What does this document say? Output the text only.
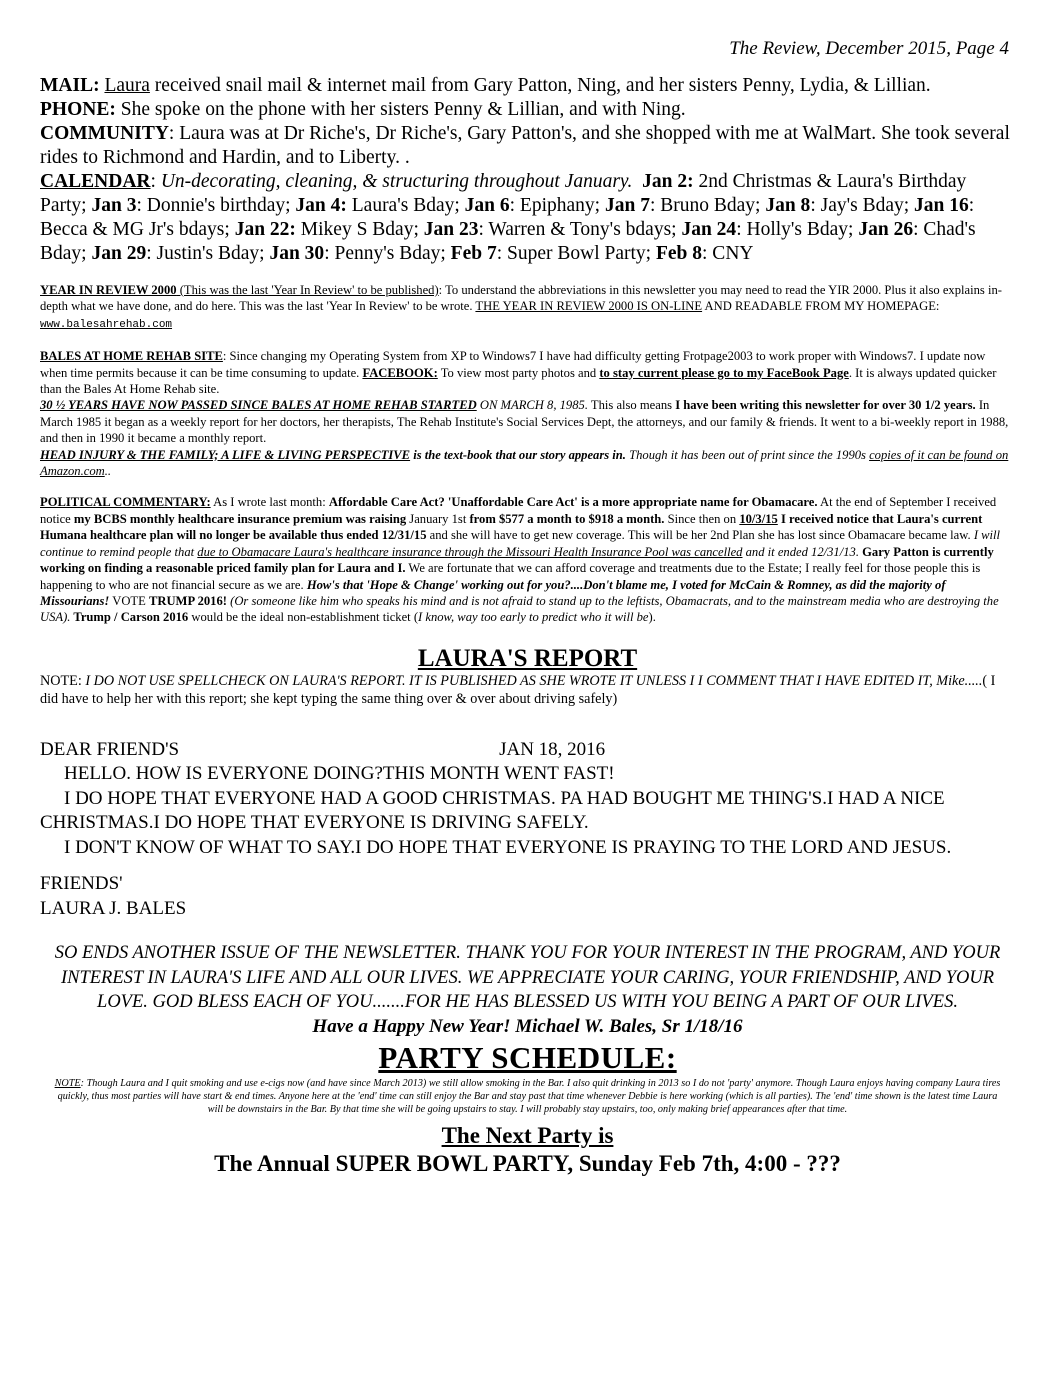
The Review, December 2015, Page 4

MAIL: Laura received snail mail & internet mail from Gary Patton, Ning, and her sisters Penny, Lydia, & Lillian.

PHONE: She spoke on the phone with her sisters Penny & Lillian, and with Ning.

COMMUNITY: Laura was at Dr Riche's, Dr Riche's, Gary Patton's, and she shopped with me at WalMart. She took several rides to Richmond and Hardin, and to Liberty. .

CALENDAR: Un-decorating, cleaning, & structuring throughout January. Jan 2: 2nd Christmas & Laura's Birthday Party; Jan 3: Donnie's birthday; Jan 4: Laura's Bday; Jan 6: Epiphany; Jan 7: Bruno Bday; Jan 8: Jay's Bday; Jan 16: Becca & MG Jr's bdays; Jan 22: Mikey S Bday; Jan 23: Warren & Tony's bdays; Jan 24: Holly's Bday; Jan 26: Chad's Bday; Jan 29: Justin's Bday; Jan 30: Penny's Bday; Feb 7: Super Bowl Party; Feb 8: CNY

YEAR IN REVIEW 2000 (This was the last 'Year In Review' to be published): To understand the abbreviations in this newsletter you may need to read the YIR 2000. Plus it also explains in-depth what we have done, and do here. This was the last 'Year In Review' to be wrote. THE YEAR IN REVIEW 2000 IS ON-LINE AND READABLE FROM MY HOMEPAGE: www.balesahrehab.com

BALES AT HOME REHAB SITE: Since changing my Operating System from XP to Windows7 I have had difficulty getting Frotpage2003 to work proper with Windows7. I update now when time permits because it can be time consuming to update. FACEBOOK: To view most party photos and to stay current please go to my FaceBook Page. It is always updated quicker than the Bales At Home Rehab site.

30 ½ YEARS HAVE NOW PASSED SINCE BALES AT HOME REHAB STARTED ON MARCH 8, 1985. This also means I have been writing this newsletter for over 30 1/2 years. In March 1985 it began as a weekly report for her doctors, her therapists, The Rehab Institute's Social Services Dept, the attorneys, and our family & friends. It went to a bi-weekly report in 1988, and then in 1990 it became a monthly report.

HEAD INJURY & THE FAMILY; A LIFE & LIVING PERSPECTIVE is the text-book that our story appears in. Though it has been out of print since the 1990s copies of it can be found on Amazon.com..

POLITICAL COMMENTARY: As I wrote last month: Affordable Care Act? 'Unaffordable Care Act' is a more appropriate name for Obamacare. At the end of September I received notice my BCBS monthly healthcare insurance premium was raising January 1st from $577 a month to $918 a month. Since then on 10/3/15 I received notice that Laura's current Humana healthcare plan will no longer be available thus ended 12/31/15 and she will have to get new coverage. This will be her 2nd Plan she has lost since Obamacare became law. I will continue to remind people that due to Obamacare Laura's healthcare insurance through the Missouri Health Insurance Pool was cancelled and it ended 12/31/13. Gary Patton is currently working on finding a reasonable priced family plan for Laura and I. We are fortunate that we can afford coverage and treatments due to the Estate; I really feel for those people this is happening to who are not financial secure as we are. How's that 'Hope & Change' working out for you?....Don't blame me, I voted for McCain & Romney, as did the majority of Missourians! VOTE TRUMP 2016! (Or someone like him who speaks his mind and is not afraid to stand up to the leftists, Obamacrats, and to the mainstream media who are destroying the USA). Trump / Carson 2016 would be the ideal non-establishment ticket (I know, way too early to predict who it will be).

LAURA'S REPORT
NOTE: I DO NOT USE SPELLCHECK ON LAURA'S REPORT. IT IS PUBLISHED AS SHE WROTE IT UNLESS I I COMMENT THAT I HAVE EDITED IT, Mike.....( I did have to help her with this report; she kept typing the same thing over & over about driving safely)

DEAR FRIEND'S	JAN 18, 2016

HELLO. HOW IS EVERYONE DOING?THIS MONTH WENT FAST!

I DO HOPE THAT EVERYONE HAD A GOOD CHRISTMAS. PA HAD BOUGHT ME THING'S.I HAD A NICE CHRISTMAS.I DO HOPE THAT EVERYONE IS DRIVING SAFELY.

I DON'T KNOW OF WHAT TO SAY.I DO HOPE THAT EVERYONE IS PRAYING TO THE LORD AND JESUS.

FRIENDS'

LAURA J. BALES

SO ENDS ANOTHER ISSUE OF THE NEWSLETTER. THANK YOU FOR YOUR INTEREST IN THE PROGRAM, AND YOUR

INTEREST IN LAURA'S LIFE AND ALL OUR LIVES. WE APPRECIATE YOUR CARING, YOUR FRIENDSHIP, AND YOUR

LOVE. GOD BLESS EACH OF YOU.......FOR HE HAS BLESSED US WITH YOU BEING A PART OF OUR LIVES.

Have a Happy New Year! Michael W. Bales, Sr 1/18/16
PARTY SCHEDULE:
NOTE: Though Laura and I quit smoking and use e-cigs now (and have since March 2013) we still allow smoking in the Bar. I also quit drinking in 2013 so I do not 'party' anymore. Though Laura enjoys having company Laura tires quickly, thus most parties will have start & end times. Anyone here at the 'end' time can still enjoy the Bar and stay past that time whenever Debbie is here working (which is all parties). The 'end' time shown is the latest time Laura will be downstairs in the Bar. By that time she will be going upstairs to stay. I will probably stay upstairs, too, only making brief appearances after that time.
The Next Party is
The Annual SUPER BOWL PARTY, Sunday Feb 7th, 4:00 - ???
